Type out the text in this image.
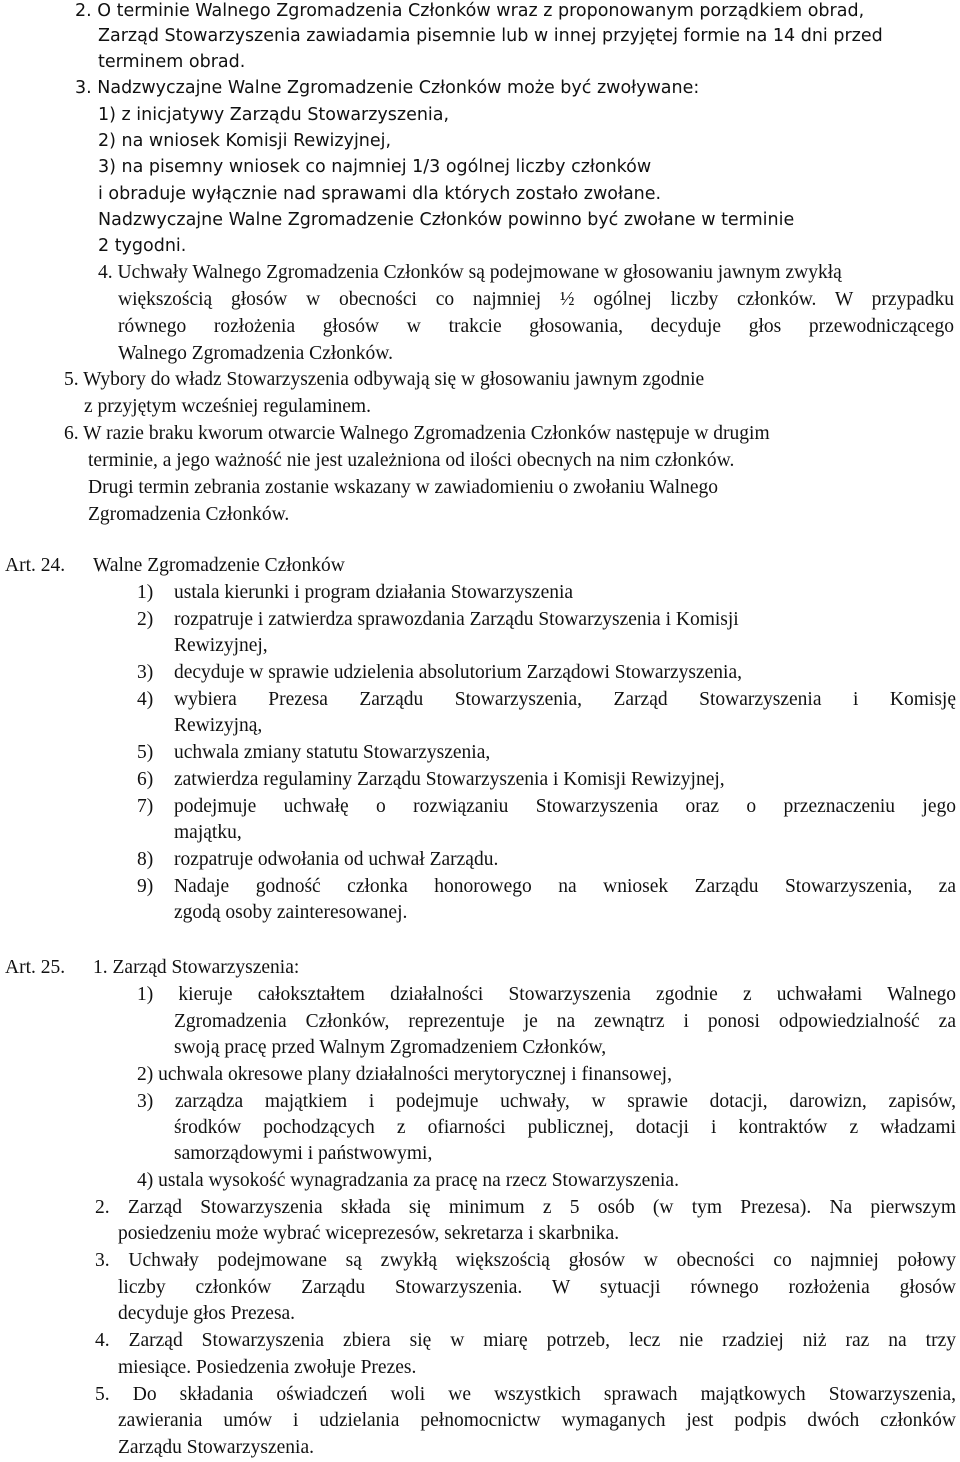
2. O terminie Walnego Zgromadzenia Członków wraz z proponowanym porządkiem obrad,
Zarząd Stowarzyszenia zawiadamia pisemnie lub w innej przyjętej formie na 14 dni przed
terminem obrad.
3. Nadzwyczajne Walne Zgromadzenie Członków może być zwoływane:
1) z inicjatywy Zarządu Stowarzyszenia,
2) na wniosek Komisji Rewizyjnej,
3) na pisemny wniosek co najmniej 1/3 ogólnej liczby członków
i obraduje wyłącznie nad sprawami dla których zostało zwołane.
Nadzwyczajne Walne Zgromadzenie Członków powinno być zwołane w terminie
2 tygodni.
4. Uchwały Walnego Zgromadzenia Członków są podejmowane w głosowaniu jawnym zwykłą
większością głosów w obecności co najmniej ½ ogólnej liczby członków. W przypadku
równego rozłożenia głosów w trakcie głosowania, decyduje głos przewodniczącego
Walnego Zgromadzenia Członków.
5. Wybory do władz Stowarzyszenia odbywają się w głosowaniu jawnym zgodnie
z przyjętym wcześniej regulaminem.
6. W razie braku kworum otwarcie Walnego Zgromadzenia Członków następuje w drugim
terminie, a jego ważność nie jest uzależniona od ilości obecnych na nim członków.
Drugi termin zebrania zostanie wskazany w zawiadomieniu o zwołaniu Walnego
Zgromadzenia Członków.
Art. 24. Walne Zgromadzenie Członków
1) ustala kierunki i program działania Stowarzyszenia
2) rozpatruje i zatwierdza sprawozdania Zarządu Stowarzyszenia i Komisji
Rewizyjnej,
3) decyduje w sprawie udzielenia absolutorium Zarządowi Stowarzyszenia,
4) wybiera Prezesa Zarządu Stowarzyszenia, Zarząd Stowarzyszenia i Komisję
Rewizyjną,
5) uchwala zmiany statutu Stowarzyszenia,
6) zatwierdza regulaminy Zarządu Stowarzyszenia i Komisji Rewizyjnej,
7) podejmuje uchwałę o rozwiązaniu Stowarzyszenia oraz o przeznaczeniu jego
majątku,
8) rozpatruje odwołania od uchwał Zarządu.
9) Nadaje godność członka honorowego na wniosek Zarządu Stowarzyszenia, za
zgodą osoby zainteresowanej.
Art. 25. 1. Zarząd Stowarzyszenia:
1) kieruje całokształtem działalności Stowarzyszenia zgodnie z uchwałami Walnego
Zgromadzenia Członków, reprezentuje je na zewnątrz i ponosi odpowiedzialność za
swoją pracę przed Walnym Zgromadzeniem Członków,
2) uchwala okresowe plany działalności merytorycznej i finansowej,
3) zarządza majątkiem i podejmuje uchwały, w sprawie dotacji, darowizn, zapisów,
środków pochodzących z ofiarności publicznej, dotacji i kontraktów z władzami
samorządowymi i państwowymi,
4) ustala wysokość wynagradzania za pracę na rzecz Stowarzyszenia.
2. Zarząd Stowarzyszenia składa się minimum z 5 osób (w tym Prezesa). Na pierwszym
posiedzeniu może wybrać wiceprezesów, sekretarza i skarbnika.
3. Uchwały podejmowane są zwykłą większością głosów w obecności co najmniej połowy
liczby członków Zarządu Stowarzyszenia. W sytuacji równego rozłożenia głosów
decyduje głos Prezesa.
4. Zarząd Stowarzyszenia zbiera się w miarę potrzeb, lecz nie rzadziej niż raz na trzy
miesiące. Posiedzenia zwołuje Prezes.
5. Do składania oświadczeń woli we wszystkich sprawach majątkowych Stowarzyszenia,
zawierania umów i udzielania pełnomocnictw wymaganych jest podpis dwóch członków
Zarządu Stowarzyszenia.
